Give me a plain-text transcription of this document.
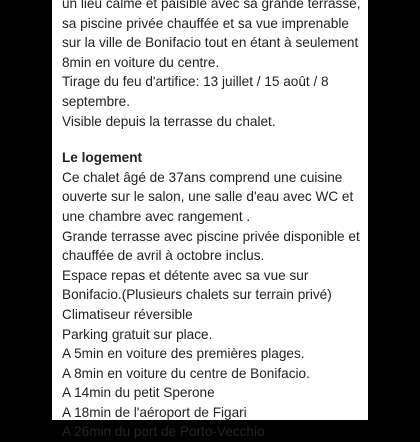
un lieu calme et paisible avec sa grande terrasse,
sa piscine privée chauffée et sa vue imprenable
sur la ville de Bonifacio tout en étant à seulement
8min en voiture du centre.
Tirage du feu d'artifice: 13 juillet / 15 août / 8
septembre.
Visible depuis la terrasse du chalet.
Le logement
Ce chalet âgé de 37ans comprend une cuisine
ouverte sur le salon, une salle d'eau avec WC et
une chambre avec rangement .
Grande terrasse avec piscine privée disponible et
chauffée de avril à octobre inclus.
Espace repas et détente avec sa vue sur
Bonifacio.(Plusieurs chalets sur terrain privé)
Climatiseur réversible
Parking gratuit sur place.
A 5min en voiture des premières plages.
A 8min en voiture du centre de Bonifacio.
A 14min du petit Sperone
A 18min de l'aéroport de Figari
A 26min du port de Porto-Vecchio
